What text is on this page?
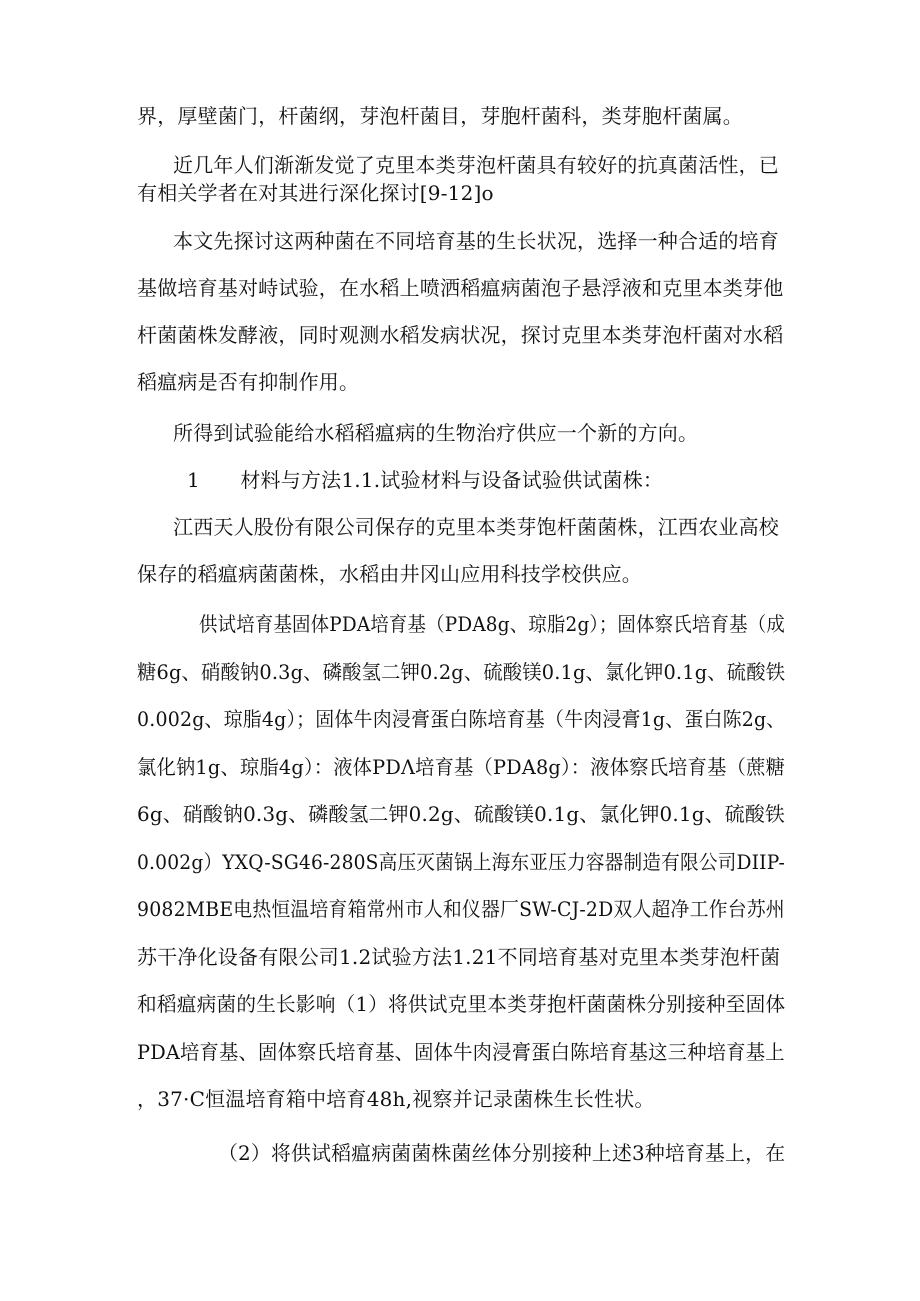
界，厚壁菌门，杆菌纲，芽泡杆菌目，芽胞杆菌科，类芽胞杆菌属。
近几年人们渐渐发觉了克里本类芽泡杆菌具有较好的抗真菌活性，已
有相关学者在对其进行深化探讨[9-12]o
本文先探讨这两种菌在不同培育基的生长状况，选择一种合适的培育
基做培育基对峙试验，在水稻上喷洒稻瘟病菌泡子悬浮液和克里本类芽他
杆菌菌株发酵液，同时观测水稻发病状况，探讨克里本类芽泡杆菌对水稻
稻瘟病是否有抑制作用。
所得到试验能给水稻稻瘟病的生物治疗供应一个新的方向。
1　　材料与方法1.1.试验材料与设备试验供试菌株：
江西天人股份有限公司保存的克里本类芽饱杆菌菌株，江西农业高校
保存的稻瘟病菌菌株，水稻由井冈山应用科技学校供应。
供试培育基固体PDA培育基（PDA8g、琼脂2g）；固体察氏培育基（成
糖6g、硝酸钠0.3g、磷酸氢二钾0.2g、硫酸镁0.1g、氯化钾0.1g、硫酸铁
0.002g、琼脂4g）；固体牛肉浸膏蛋白陈培育基（牛肉浸膏1g、蛋白陈2g、
氯化钠1g、琼脂4g）：液体PDΛ培育基（PDA8g）：液体察氏培育基（蔗糖
6g、硝酸钠0.3g、磷酸氢二钾0.2g、硫酸镁0.1g、氯化钾0.1g、硫酸铁
0.002g）YXQ-SG46-280S高压灭菌锅上海东亚压力容器制造有限公司DIIP-
9082MBE电热恒温培育箱常州市人和仪器厂SW-CJ-2D双人超净工作台苏州
苏干净化设备有限公司1.2试验方法1.21不同培育基对克里本类芽泡杆菌
和稻瘟病菌的生长影响（1）将供试克里本类芽抱杆菌菌株分别接种至固体
PDA培育基、固体察氏培育基、固体牛肉浸膏蛋白陈培育基这三种培育基上
，37·C恒温培育箱中培育48h,视察并记录菌株生长性状。
（2）将供试稻瘟病菌菌株菌丝体分别接种上述3种培育基上，在
